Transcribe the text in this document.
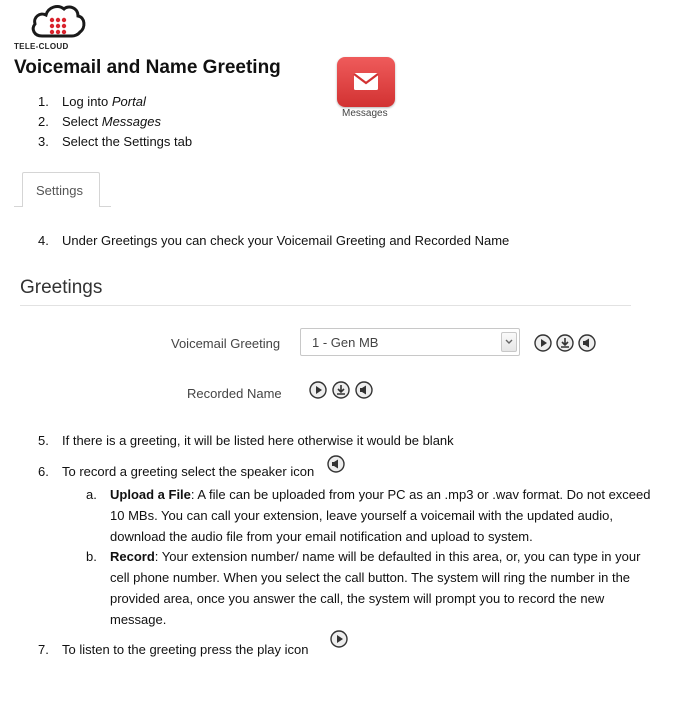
TELE-CLOUD
Voicemail and Name Greeting
1. Log into Portal
2. Select Messages
3. Select the Settings tab
Messages
Settings
4. Under Greetings you can check your Voicemail Greeting and Recorded Name
Greetings
Voicemail Greeting 1 - Gen MB
Recorded Name
5. If there is a greeting, it will be listed here otherwise it would be blank
6. To record a greeting select the speaker icon
a. Upload a File: A file can be uploaded from your PC as an .mp3 or .wav format. Do not exceed
10 MBs. You can call your extension, leave yourself a voicemail with the updated audio,
download the audio file from your email notification and upload to system.
b. Record: Your extension number/ name will be defaulted in this area, or, you can type in your
cell phone number. When you select the call button. The system will ring the number in the
provided area, once you answer the call, the system will prompt you to record the new
message.
7. To listen to the greeting press the play icon
